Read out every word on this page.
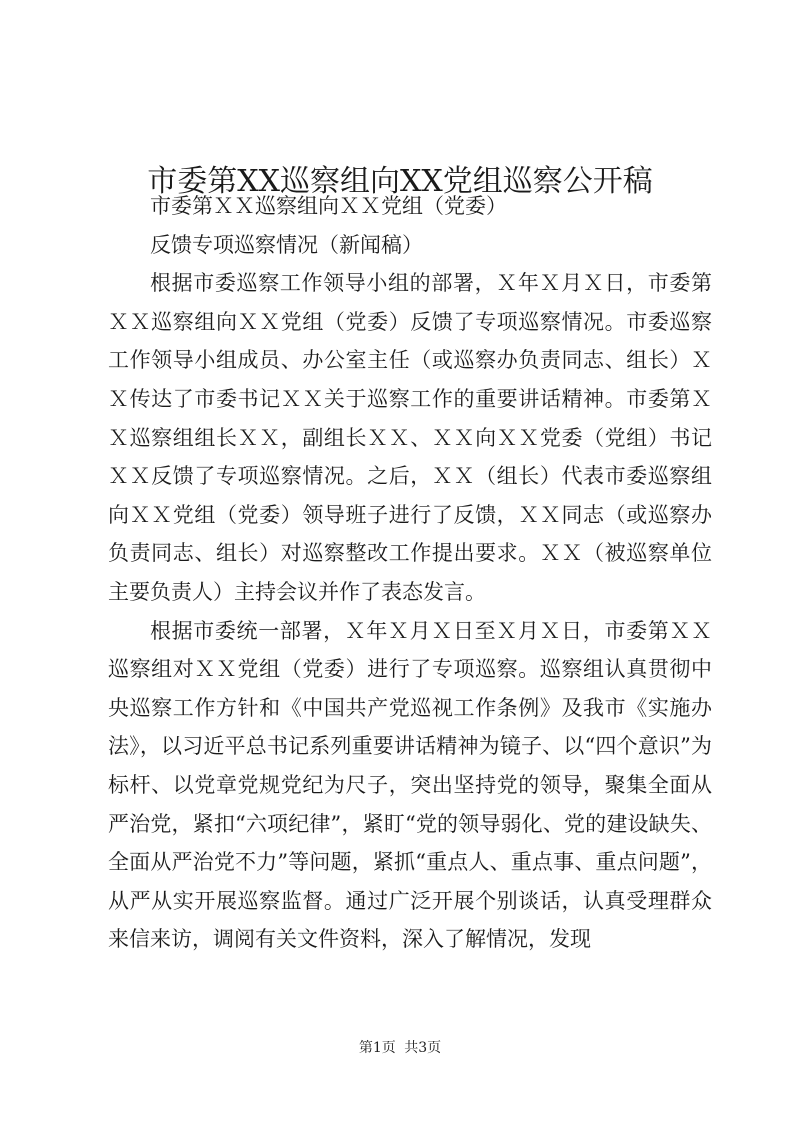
市委第XX巡察组向XX党组巡察公开稿

市委第ＸＸ巡察组向ＸＸ党组（党委）

反馈专项巡察情况（新闻稿）

根据市委巡察工作领导小组的部署，Ｘ年Ｘ月Ｘ日，市委第ＸＸ巡察组向ＸＸ党组（党委）反馈了专项巡察情况。市委巡察工作领导小组成员、办公室主任（或巡察办负责同志、组长）ＸＸ传达了市委书记ＸＸ关于巡察工作的重要讲话精神。市委第ＸＸ巡察组组长ＸＸ，副组长ＸＸ、ＸＸ向ＸＸ党委（党组）书记ＸＸ反馈了专项巡察情况。之后，ＸＸ（组长）代表市委巡察组向ＸＸ党组（党委）领导班子进行了反馈，ＸＸ同志（或巡察办负责同志、组长）对巡察整改工作提出要求。ＸＸ（被巡察单位主要负责人）主持会议并作了表态发言。

根据市委统一部署，Ｘ年Ｘ月Ｘ日至Ｘ月Ｘ日，市委第ＸＸ巡察组对ＸＸ党组（党委）进行了专项巡察。巡察组认真贯彻中央巡察工作方针和《中国共产党巡视工作条例》及我市《实施办法》，以习近平总书记系列重要讲话精神为镜子、以“四个意识”为标杆、以党章党规党纪为尺子，突出坚持党的领导，聚集全面从严治党，紧扣“六项纪律”，紧盯“党的领导弱化、党的建设缺失、全面从严治党不力”等问题，紧抓“重点人、重点事、重点问题”，从严从实开展巡察监督。通过广泛开展个别谈话，认真受理群众来信来访，调阅有关文件资料，深入了解情况，发现

第1页 共3页
